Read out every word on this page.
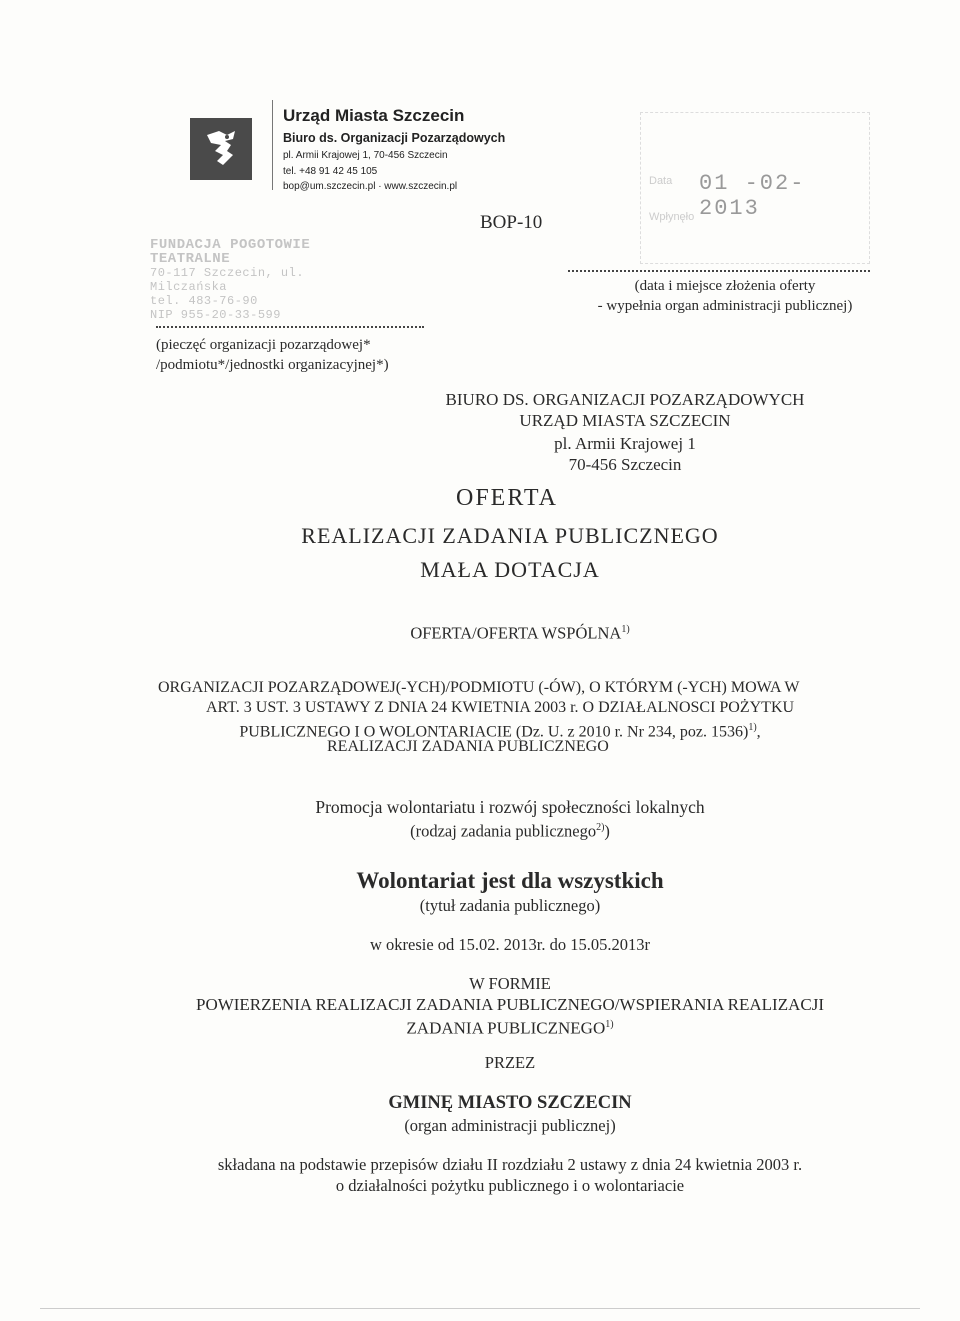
Urząd Miasta Szczecin
Biuro ds. Organizacji Pozarządowych
pl. Armii Krajowej 1, 70-456 Szczecin
tel. +48 91 42 45 105
bop@um.szczecin.pl · www.szczecin.pl
BOP-10
FUNDACJA POGOTOWIE TEATRALNE
70-117 Szczecin, ul. Milczańska
tel. 483-76-90
NIP 955-20-33-599
(pieczęć organizacji pozarządowej*
/podmiotu*/jednostki organizacyjnej*)
Data 01 -02- 2013
Wpłynęło
(data i miejsce złożenia oferty
- wypełnia organ administracji publicznej)
BIURO DS. ORGANIZACJI POZARZĄDOWYCH
URZĄD MIASTA SZCZECIN
pl. Armii Krajowej 1
70-456 Szczecin
OFERTA
REALIZACJI ZADANIA PUBLICZNEGO
MAŁA DOTACJA
OFERTA/OFERTA WSPÓLNA$^{1)}$
ORGANIZACJI POZARZĄDOWEJ(-YCH)/PODMIOTU (-ÓW), O KTÓRYM (-YCH) MOWA W
ART. 3 UST. 3 USTAWY Z DNIA 24 KWIETNIA 2003 r. O DZIAŁALNOSCI POŻYTKU
PUBLICZNEGO I O WOLONTARIACIE (Dz. U. z 2010 r. Nr 234, poz. 1536)$^{1)}$,
REALIZACJI ZADANIA PUBLICZNEGO
Promocja wolontariatu i rozwój społeczności lokalnych
(rodzaj zadania publicznego$^{2)}$)
Wolontariat jest dla wszystkich
(tytuł zadania publicznego)
w okresie od 15.02. 2013r. do 15.05.2013r
W FORMIE
POWIERZENIA REALIZACJI ZADANIA PUBLICZNEGO/WSPIERANIA REALIZACJI
ZADANIA PUBLICZNEGO$^{1)}$
PRZEZ
GMINĘ MIASTO SZCZECIN
(organ administracji publicznej)
składana na podstawie przepisów działu II rozdziału 2 ustawy z dnia 24 kwietnia 2003 r.
o działalności pożytku publicznego i o wolontariacie
